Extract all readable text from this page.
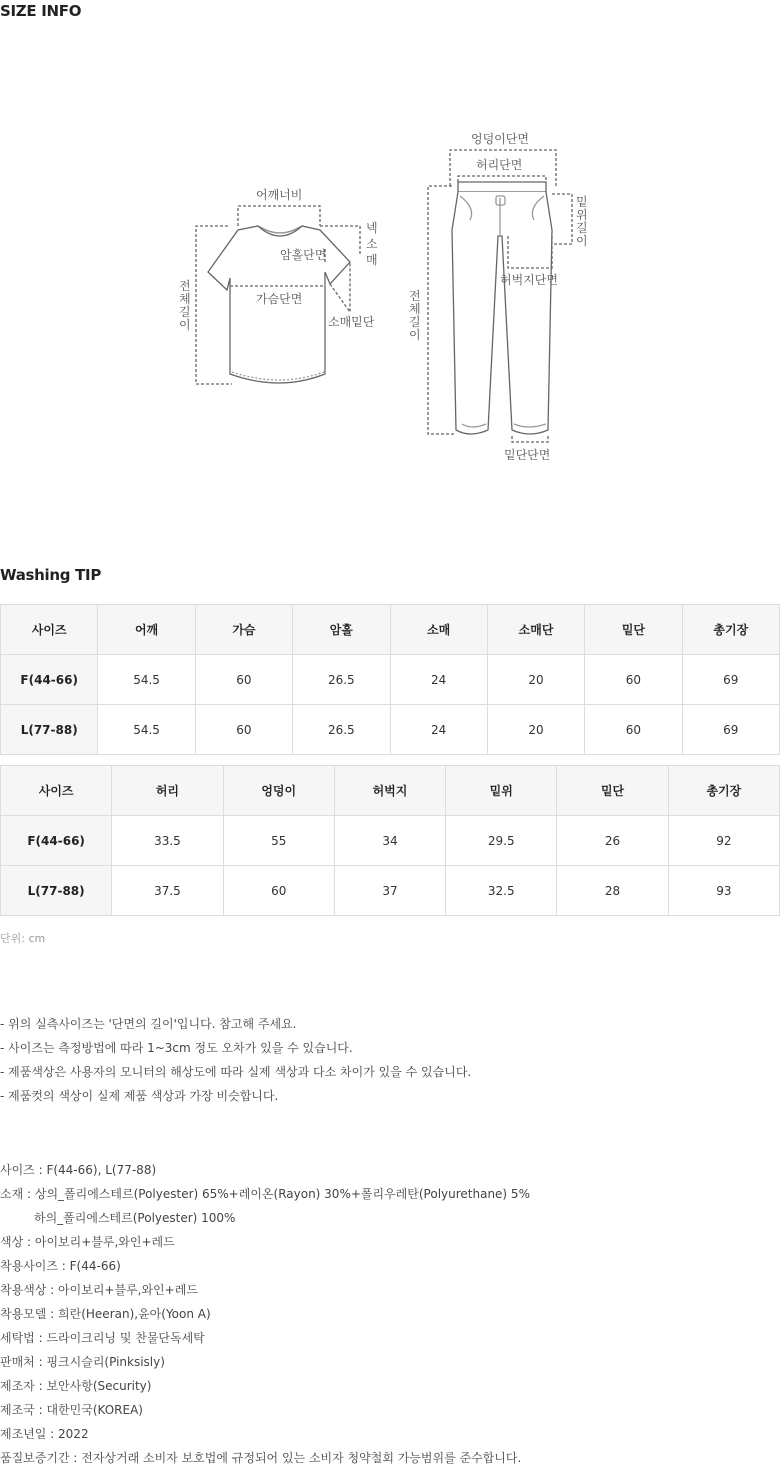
SIZE INFO
어깨너비
암홀단면
가슴단면
소매밑단
넥
소
매
전
체
길
이
엉덩이단면
허리단면
허벅지단면
밑단단면
밑
위
길
이
전
체
길
이
Washing TIP
사이즈	어깨	가슴	암홀	소매	소매단	밑단	총기장
F(44-66)	54.5	60	26.5	24	20	60	69
L(77-88)	54.5	60	26.5	24	20	60	69
사이즈	허리	엉덩이	허벅지	밑위	밑단	총기장
F(44-66)	33.5	55	34	29.5	26	92
L(77-88)	37.5	60	37	32.5	28	93
단위: cm
- 위의 실측사이즈는 '단면의 길이'입니다. 참고해 주세요.
- 사이즈는 측정방법에 따라 1~3cm 정도 오차가 있을 수 있습니다.
- 제품색상은 사용자의 모니터의 해상도에 따라 실제 색상과 다소 차이가 있을 수 있습니다.
- 제품컷의 색상이 실제 제품 색상과 가장 비슷합니다.
사이즈 : F(44-66), L(77-88)
소재 : 상의_폴리에스테르(Polyester) 65%+레이온(Rayon) 30%+폴리우레탄(Polyurethane) 5%
하의_폴리에스테르(Polyester) 100%
색상 : 아이보리+블루,와인+레드
착용사이즈 : F(44-66)
착용색상 : 아이보리+블루,와인+레드
착용모델 : 희란(Heeran),윤아(Yoon A)
세탁법 : 드라이크리닝 및 찬물단독세탁
판매처 : 핑크시슬리(Pinksisly)
제조자 : 보안사항(Security)
제조국 : 대한민국(KOREA)
제조년일 : 2022
품질보증기간 : 전자상거래 소비자 보호법에 규정되어 있는 소비자 청약철회 가능범위를 준수합니다.
